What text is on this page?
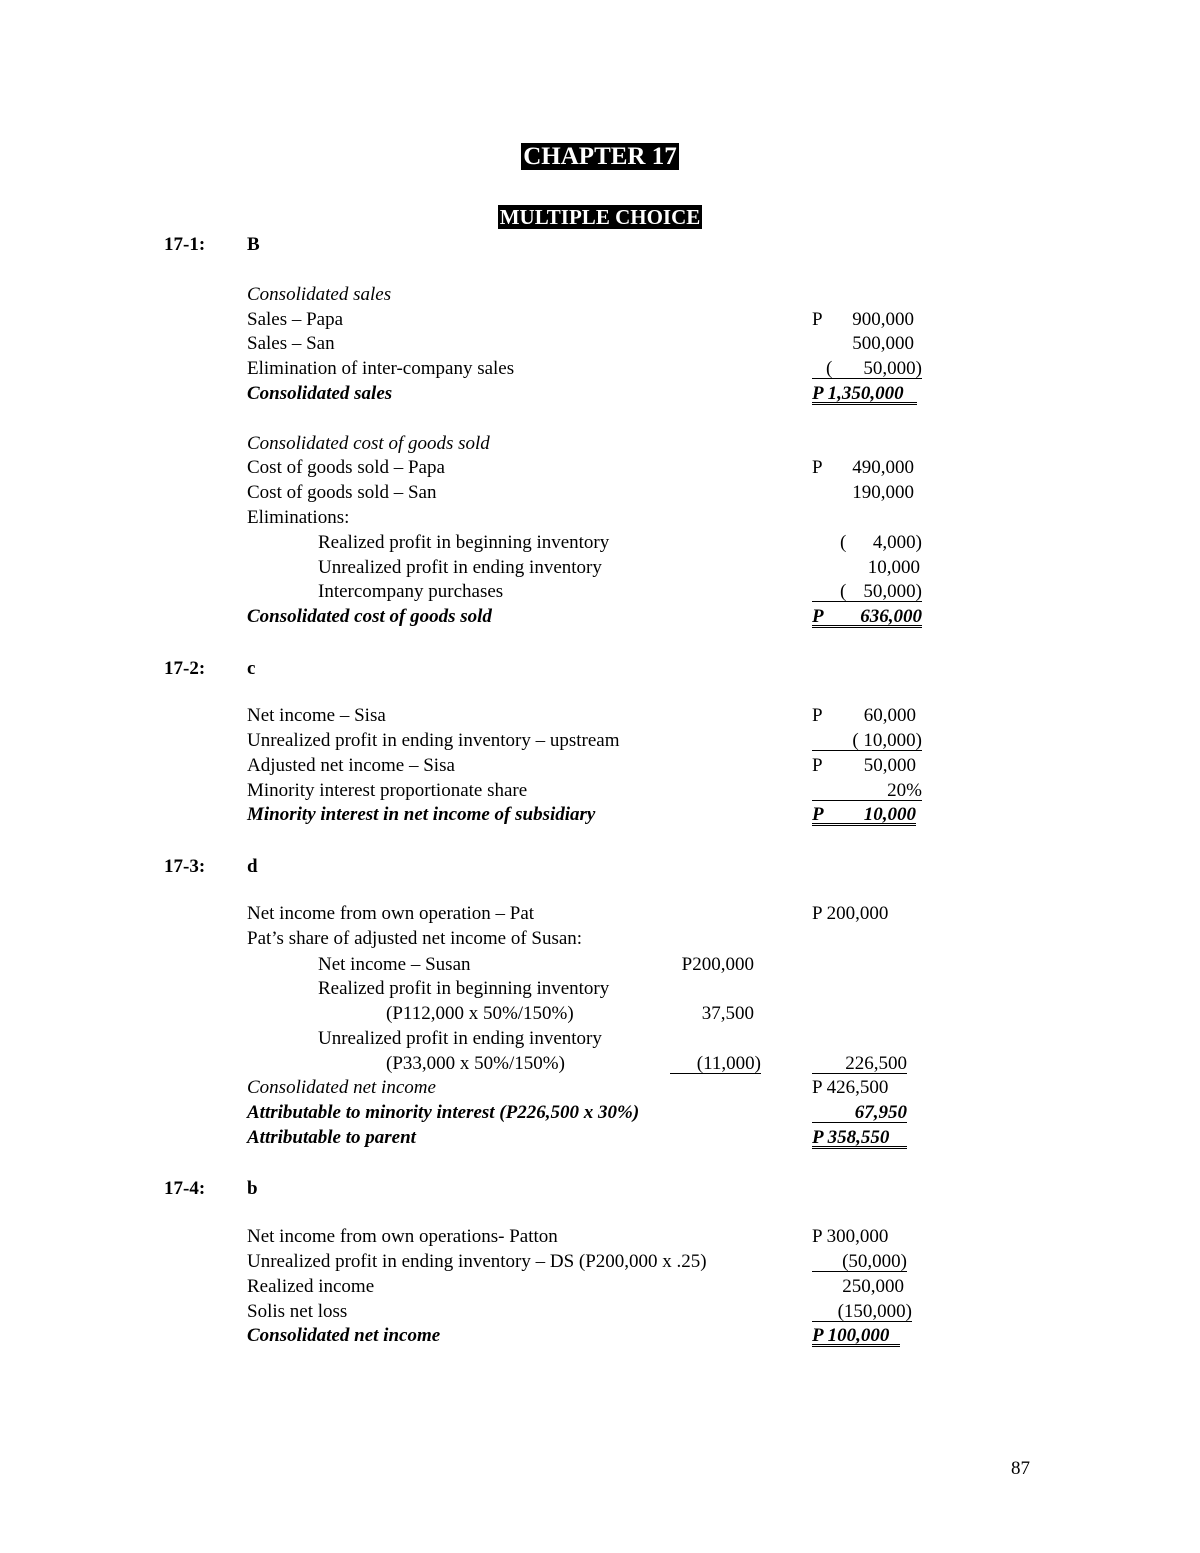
CHAPTER 17
MULTIPLE CHOICE
17-1: B
Consolidated sales
Sales – Papa	P 900,000
Sales – San	500,000
Elimination of inter-company sales	( 50,000)
Consolidated sales	P 1,350,000
Consolidated cost of goods sold
Cost of goods sold – Papa	P 490,000
Cost of goods sold – San	190,000
Eliminations:
Realized profit in beginning inventory	( 4,000)
Unrealized profit in ending inventory	10,000
Intercompany purchases	( 50,000)
Consolidated cost of goods sold	P 636,000
17-2: c
Net income – Sisa	P 60,000
Unrealized profit in ending inventory – upstream	( 10,000)
Adjusted net income – Sisa	P 50,000
Minority interest proportionate share	20%
Minority interest in net income of subsidiary	P 10,000
17-3: d
Net income from own operation – Pat	P 200,000
Pat’s share of adjusted net income of Susan:
Net income – Susan	P200,000
Realized profit in beginning inventory
(P112,000 x 50%/150%)	37,500
Unrealized profit in ending inventory
(P33,000 x 50%/150%)	(11,000)	226,500
Consolidated net income	P 426,500
Attributable to minority interest (P226,500 x 30%)	67,950
Attributable to parent	P 358,550
17-4: b
Net income from own operations- Patton	P 300,000
Unrealized profit in ending inventory – DS (P200,000 x .25)	(50,000)
Realized income	250,000
Solis net loss	(150,000)
Consolidated net income	P 100,000
87
